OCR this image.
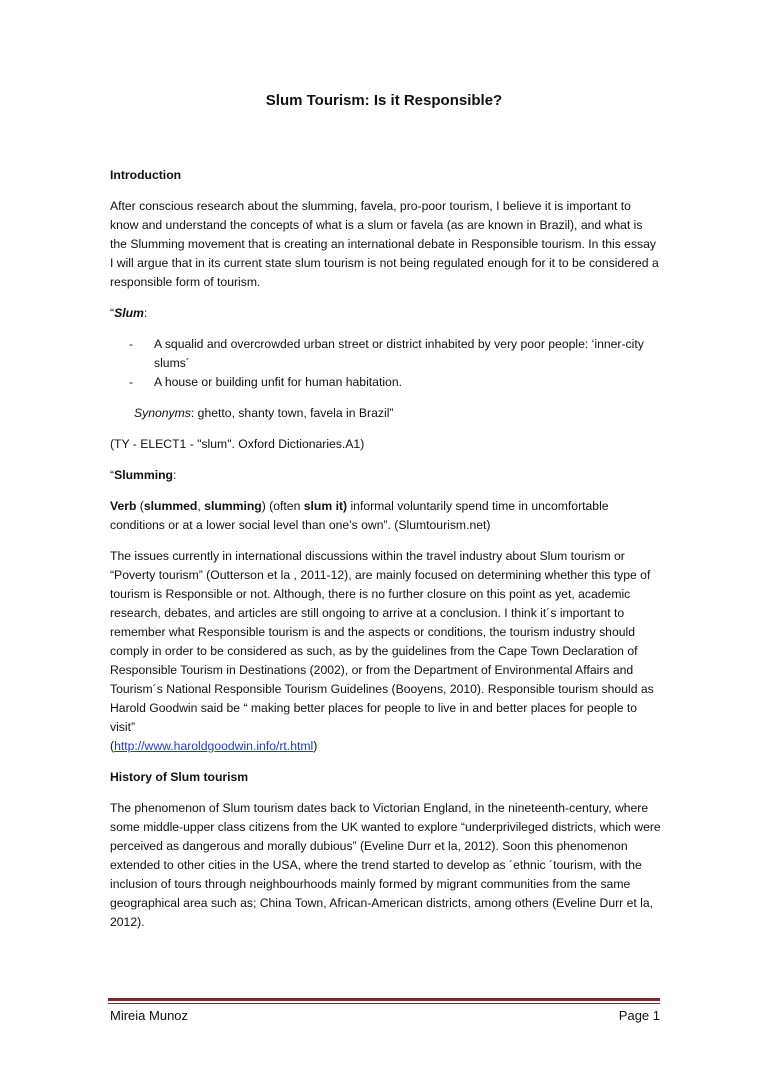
Slum Tourism: Is it Responsible?

Introduction

After conscious research about the slumming, favela, pro-poor tourism, I believe it is important to know and understand the concepts of what is a slum or favela (as are known in Brazil), and what is the Slumming movement that is creating an international debate in Responsible tourism. In this essay I will argue that in its current state slum tourism is not being regulated enough for it to be considered a responsible form of tourism.

“Slum:

- A squalid and overcrowded urban street or district inhabited by very poor people: ‘inner-city slums´
- A house or building unfit for human habitation.

Synonyms: ghetto, shanty town, favela in Brazil”

(TY - ELECT1 - "slum". Oxford Dictionaries.A1)

“Slumming:

Verb (slummed, slumming) (often slum it) informal voluntarily spend time in uncomfortable conditions or at a lower social level than one’s own”. (Slumtourism.net)

The issues currently in international discussions within the travel industry about Slum tourism or “Poverty tourism” (Outterson et la , 2011-12), are mainly focused on determining whether this type of tourism is Responsible or not. Although, there is no further closure on this point as yet, academic research, debates, and articles are still ongoing to arrive at a conclusion. I think it´s important to remember what Responsible tourism is and the aspects or conditions, the tourism industry should comply in order to be considered as such, as by the guidelines from the Cape Town Declaration of Responsible Tourism in Destinations (2002), or from the Department of Environmental Affairs and Tourism´s National Responsible Tourism Guidelines (Booyens, 2010). Responsible tourism should as Harold Goodwin said be “ making better places for people to live in and better places for people to visit”
(http://www.haroldgoodwin.info/rt.html)

History of Slum tourism

The phenomenon of Slum tourism dates back to Victorian England, in the nineteenth-century, where some middle-upper class citizens from the UK wanted to explore “underprivileged districts, which were perceived as dangerous and morally dubious” (Eveline Durr et la, 2012). Soon this phenomenon extended to other cities in the USA, where the trend started to develop as ´ethnic ´tourism, with the inclusion of tours through neighbourhoods mainly formed by migrant communities from the same geographical area such as; China Town, African-American districts, among others (Eveline Durr et la, 2012).

Mireia Munoz	Page 1
